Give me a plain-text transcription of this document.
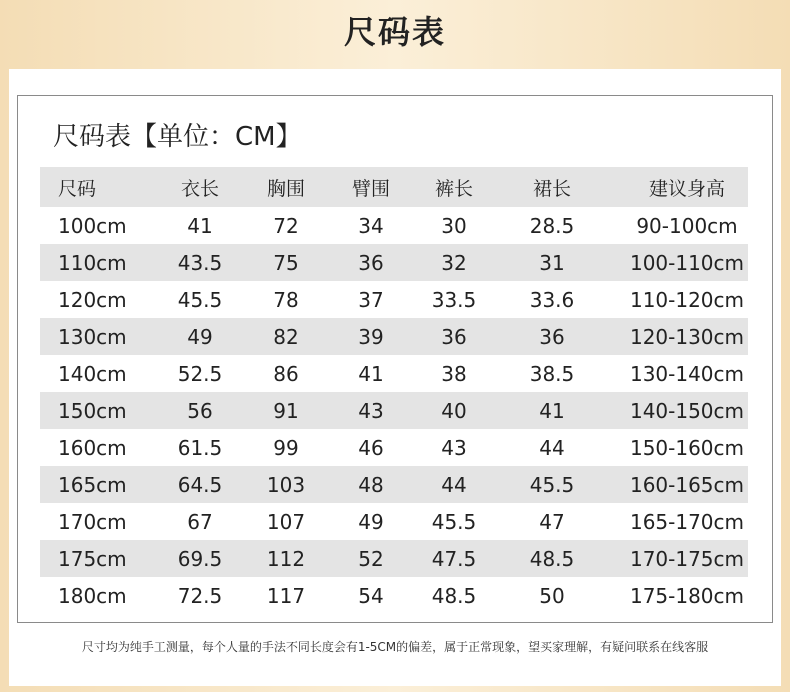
尺码表
尺码表【单位：CM】
尺码	衣长	胸围	臂围	裤长	裙长	建议身高
100cm	41	72	34	30	28.5	90-100cm
110cm	43.5	75	36	32	31	100-110cm
120cm	45.5	78	37	33.5	33.6	110-120cm
130cm	49	82	39	36	36	120-130cm
140cm	52.5	86	41	38	38.5	130-140cm
150cm	56	91	43	40	41	140-150cm
160cm	61.5	99	46	43	44	150-160cm
165cm	64.5	103	48	44	45.5	160-165cm
170cm	67	107	49	45.5	47	165-170cm
175cm	69.5	112	52	47.5	48.5	170-175cm
180cm	72.5	117	54	48.5	50	175-180cm
尺寸均为纯手工测量，每个人量的手法不同长度会有1-5CM的偏差，属于正常现象，望买家理解，有疑问联系在线客服
